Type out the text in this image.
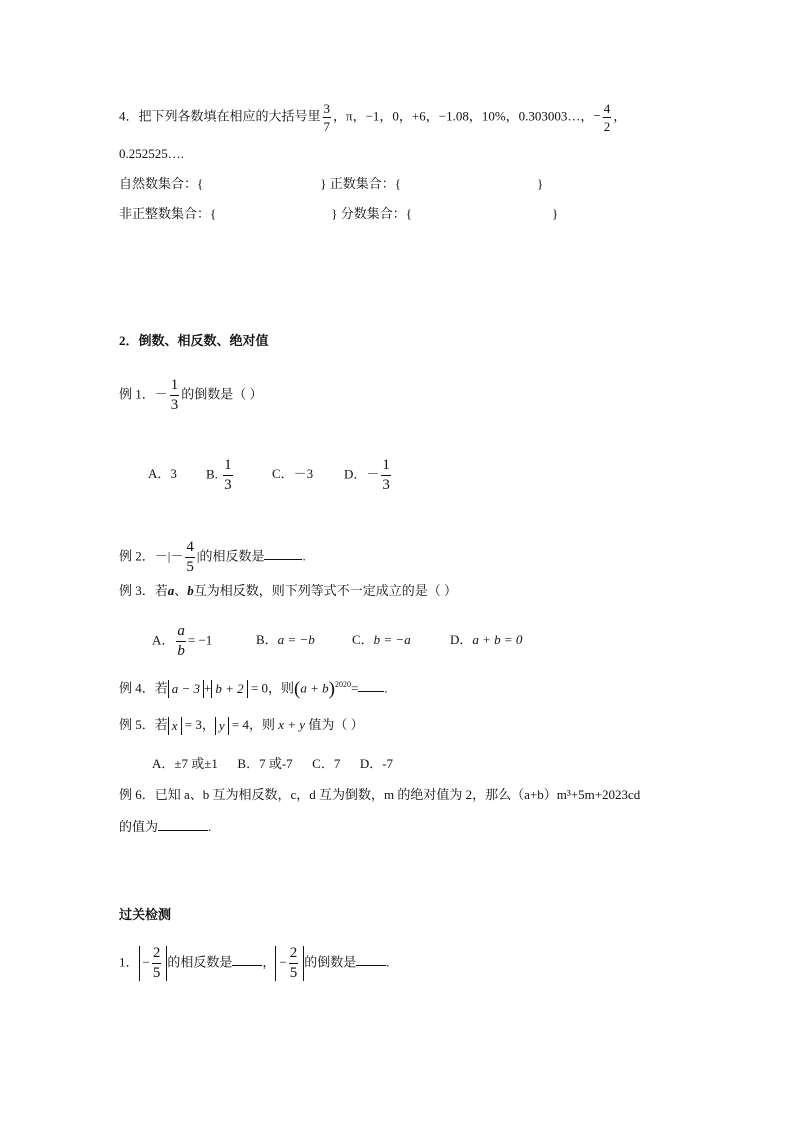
4．把下列各数填在相应的大括号里 $\frac{3}{7}$ ，π，−1，0，+6，−1.08，10%，0.303003…，− $\frac{4}{2}$ ，
0.252525….
自然数集合：{	} 正数集合：{	}
非正整数集合：{	} 分数集合：{	}
2．倒数、相反数、绝对值
例 1．－ $\frac{1}{3}$ 的倒数是（ ）
A．3 B. $\frac{1}{3}$	C．－3 D．－ $\frac{1}{3}$
例 2．－|－ $\frac{4}{5}$ |的相反数是	.
例 3．若a、b互为相反数，则下列等式不一定成立的是（ ）
A． $\frac{a}{b} = -1$	B．a = −b	C．b = −a	D．a + b = 0
例 4．若 a − 3 + b + 2 = 0，则$(a + b)^{2020}=$ .
例 5．若 x = 3， y = 4，则 x + y 值为（ ）
A．±7 或±1      B．7 或-7      C．7      D．-7
例 6．已知 a、b 互为相反数，c，d 互为倒数，m 的绝对值为 2，那么（a+b）m³+5m+2023cd
的值为	.
过关检测
1． − $\frac{2}{5}$ 的相反数是 ， − $\frac{2}{5}$ 的倒数是 .
